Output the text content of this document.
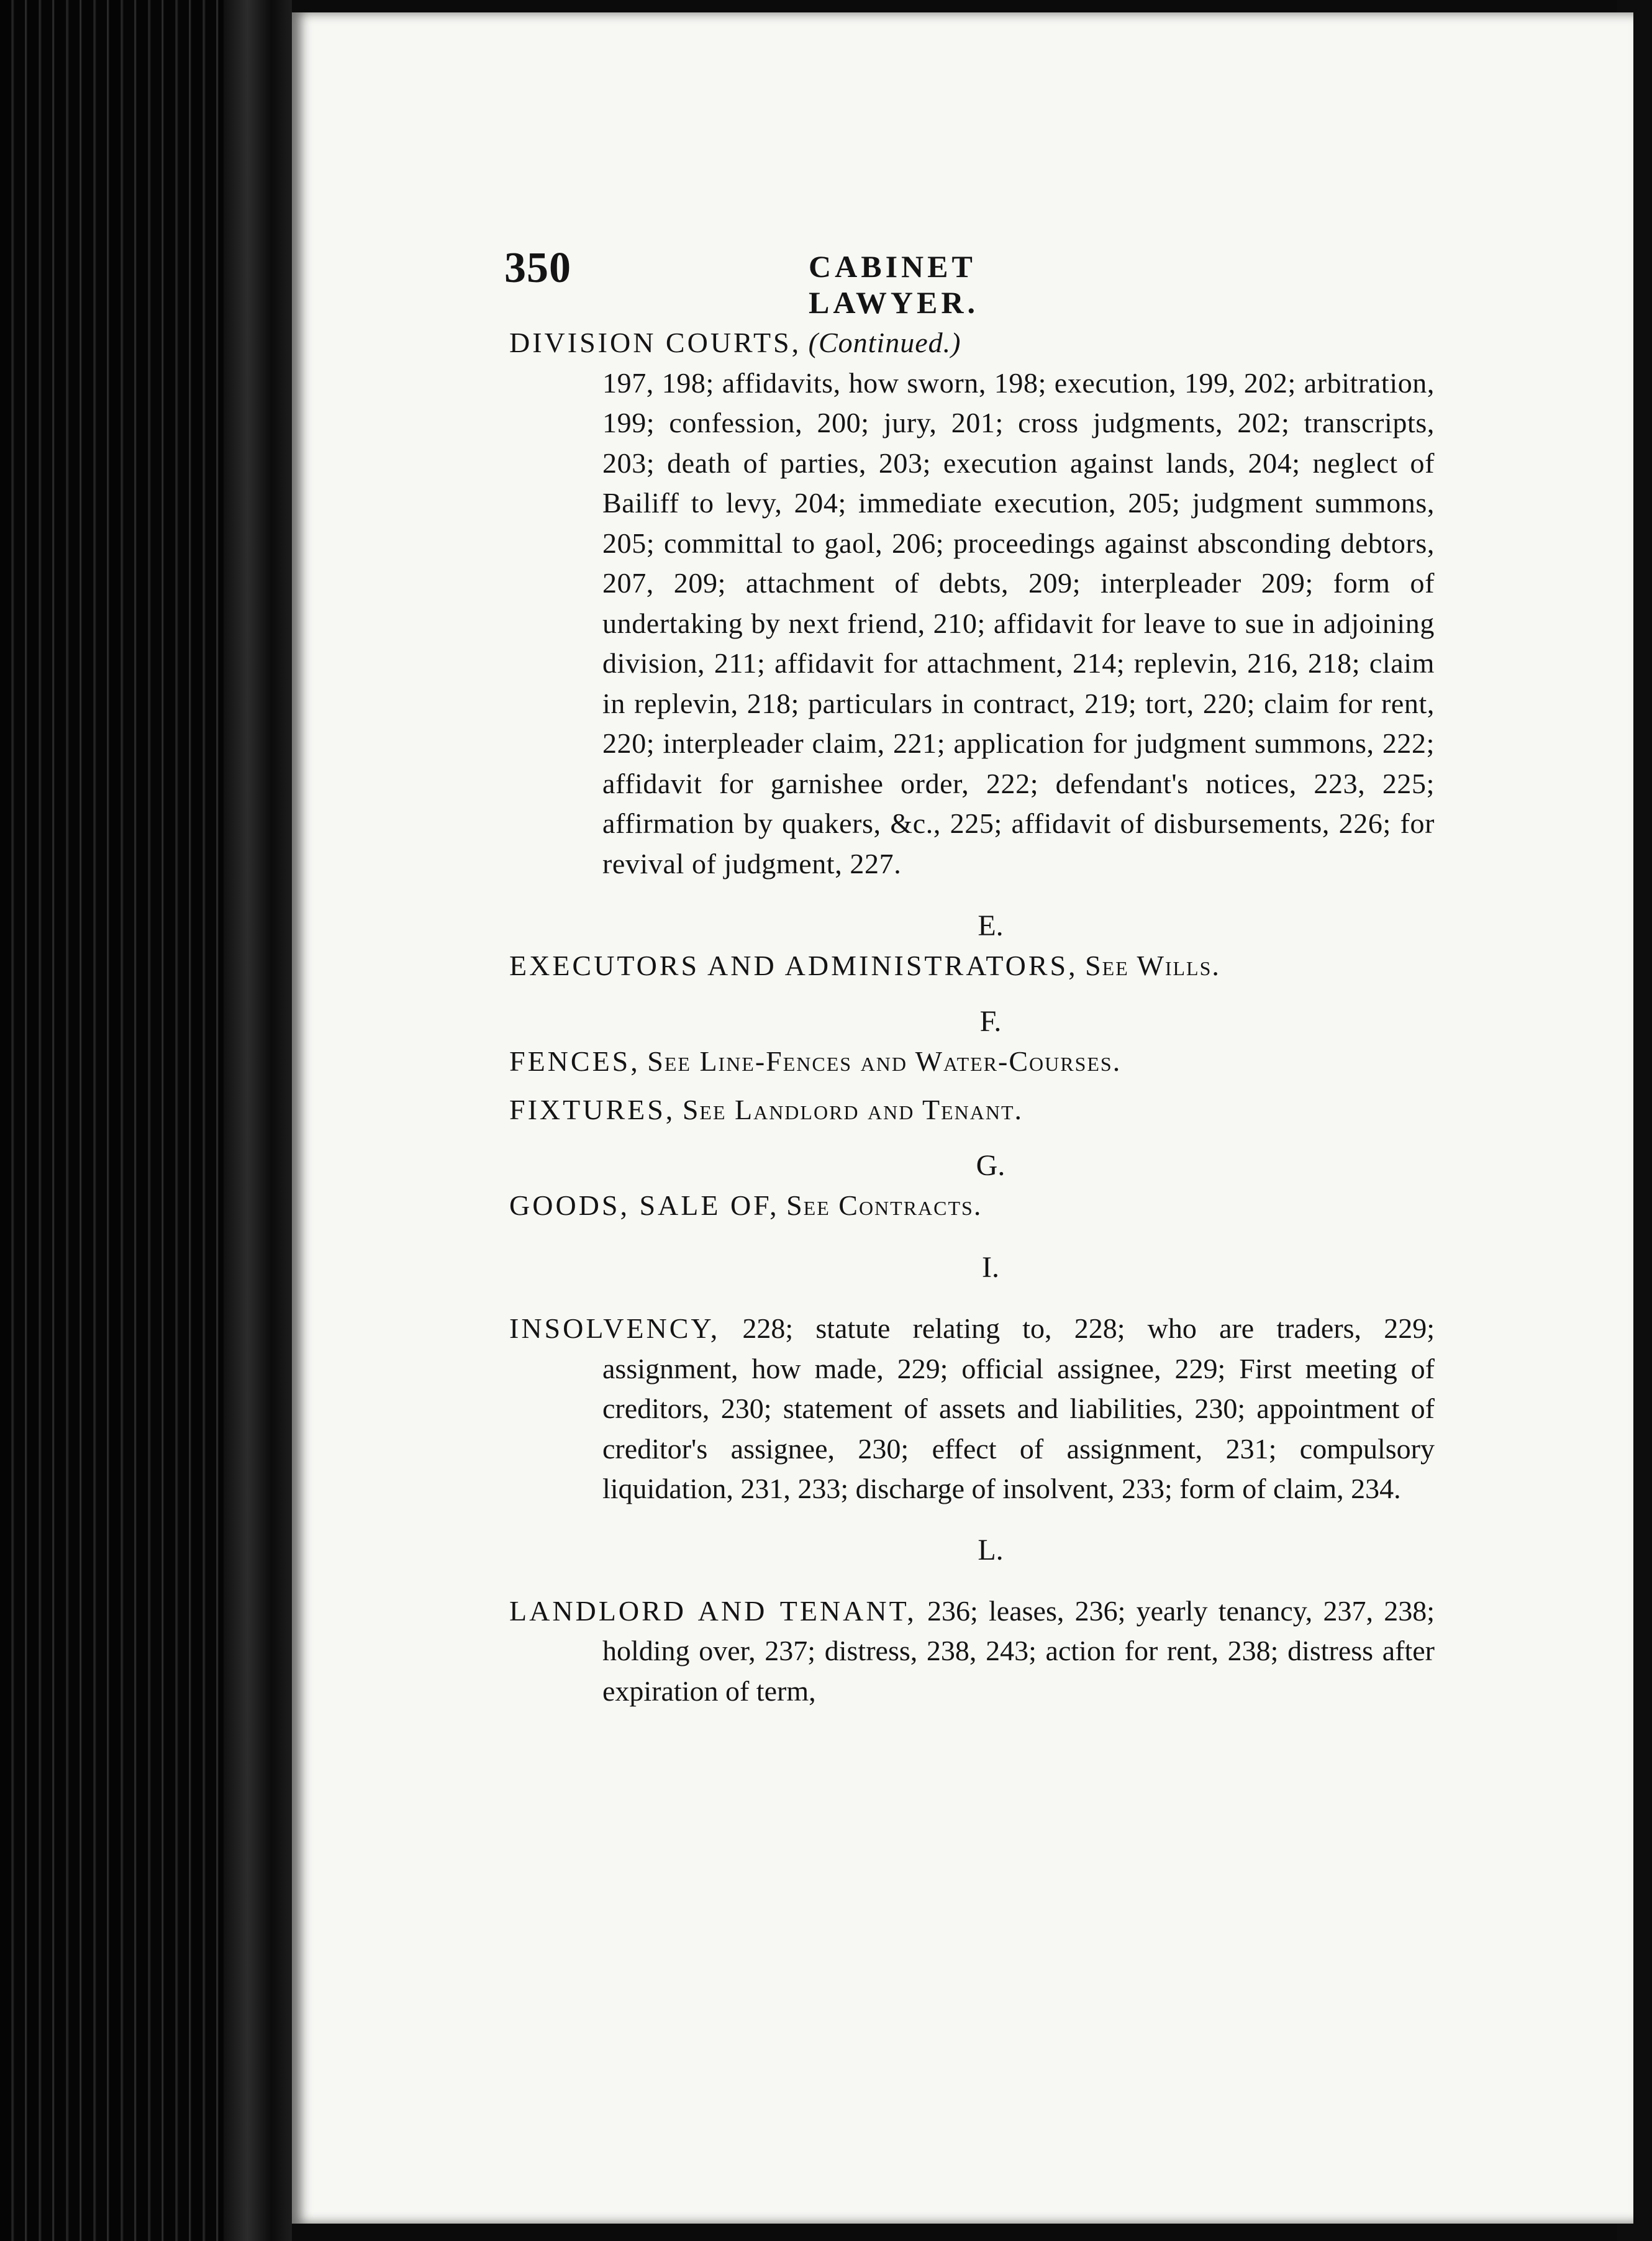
350	CABINET LAWYER.

DIVISION COURTS, (Continued.)
197, 198; affidavits, how sworn, 198; execution, 199, 202; arbitration, 199; confession, 200; jury, 201; cross judgments, 202; transcripts, 203; death of parties, 203; execution against lands, 204; neglect of Bailiff to levy, 204; immediate execution, 205; judgment summons, 205; committal to gaol, 206; proceedings against absconding debtors, 207, 209; attachment of debts, 209; interpleader 209; form of undertaking by next friend, 210; affidavit for leave to sue in adjoining division, 211; affidavit for attachment, 214; replevin, 216, 218; claim in replevin, 218; particulars in contract, 219; tort, 220; claim for rent, 220; interpleader claim, 221; application for judgment summons, 222; affidavit for garnishee order, 222; defendant's notices, 223, 225; affirmation by quakers, &c., 225; affidavit of disbursements, 226; for revival of judgment, 227.

E.

EXECUTORS AND ADMINISTRATORS, See Wills.

F.

FENCES, See Line-Fences and Water-Courses.

FIXTURES, See Landlord and Tenant.

G.

GOODS, SALE OF, See Contracts.

I.

INSOLVENCY, 228; statute relating to, 228; who are traders, 229; assignment, how made, 229; official assignee, 229; First meeting of creditors, 230; statement of assets and liabilities, 230; appointment of creditor's assignee, 230; effect of assignment, 231; compulsory liquidation, 231, 233; discharge of insolvent, 233; form of claim, 234.

L.

LANDLORD AND TENANT, 236; leases, 236; yearly tenancy, 237, 238; holding over, 237; distress, 238, 243; action for rent, 238; distress after expiration of term,
